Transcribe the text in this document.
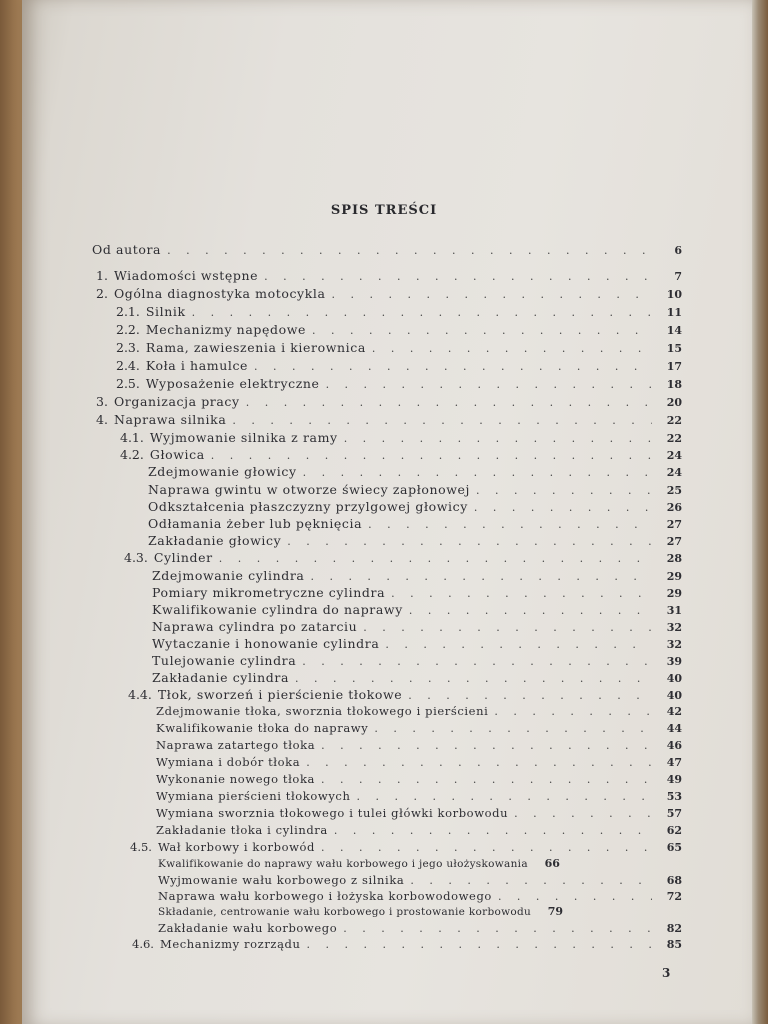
SPIS TREŚCI
Od autora . . .	6
1. Wiadomości wstępne . . .	7
2. Ogólna diagnostyka motocykla . . .	10
2.1. Silnik . . .	11
2.2. Mechanizmy napędowe . . .	14
2.3. Rama, zawieszenia i kierownica . . .	15
2.4. Koła i hamulce . . .	17
2.5. Wyposażenie elektryczne . . .	18
3. Organizacja pracy . . .	20
4. Naprawa silnika . . .	22
4.1. Wyjmowanie silnika z ramy . . .	22
4.2. Głowica . . .	24
Zdejmowanie głowicy . . .	24
Naprawa gwintu w otworze świecy zapłonowej . . .	25
Odkształcenia płaszczyzny przylgowej głowicy . . .	26
Odłamania żeber lub pęknięcia . . .	27
Zakładanie głowicy . . .	27
4.3. Cylinder . . .	28
Zdejmowanie cylindra . . .	29
Pomiary mikrometryczne cylindra . . .	29
Kwalifikowanie cylindra do naprawy . . .	31
Naprawa cylindra po zatarciu . . .	32
Wytaczanie i honowanie cylindra . . .	32
Tulejowanie cylindra . . .	39
Zakładanie cylindra . . .	40
4.4. Tłok, sworzeń i pierścienie tłokowe . . .	40
Zdejmowanie tłoka, sworznia tłokowego i pierścieni . . .	42
Kwalifikowanie tłoka do naprawy . . .	44
Naprawa zatartego tłoka . . .	46
Wymiana i dobór tłoka . . .	47
Wykonanie nowego tłoka . . .	49
Wymiana pierścieni tłokowych . . .	53
Wymiana sworznia tłokowego i tulei główki korbowodu . . .	57
Zakładanie tłoka i cylindra . . .	62
4.5. Wał korbowy i korbowód . . .	65
Kwalifikowanie do naprawy wału korbowego i jego ułożyskowania	66
Wyjmowanie wału korbowego z silnika . . .	68
Naprawa wału korbowego i łożyska korbowodowego . . .	72
Składanie, centrowanie wału korbowego i prostowanie korbowodu	79
Zakładanie wału korbowego . . .	82
4.6. Mechanizmy rozrządu . . .	85
3
